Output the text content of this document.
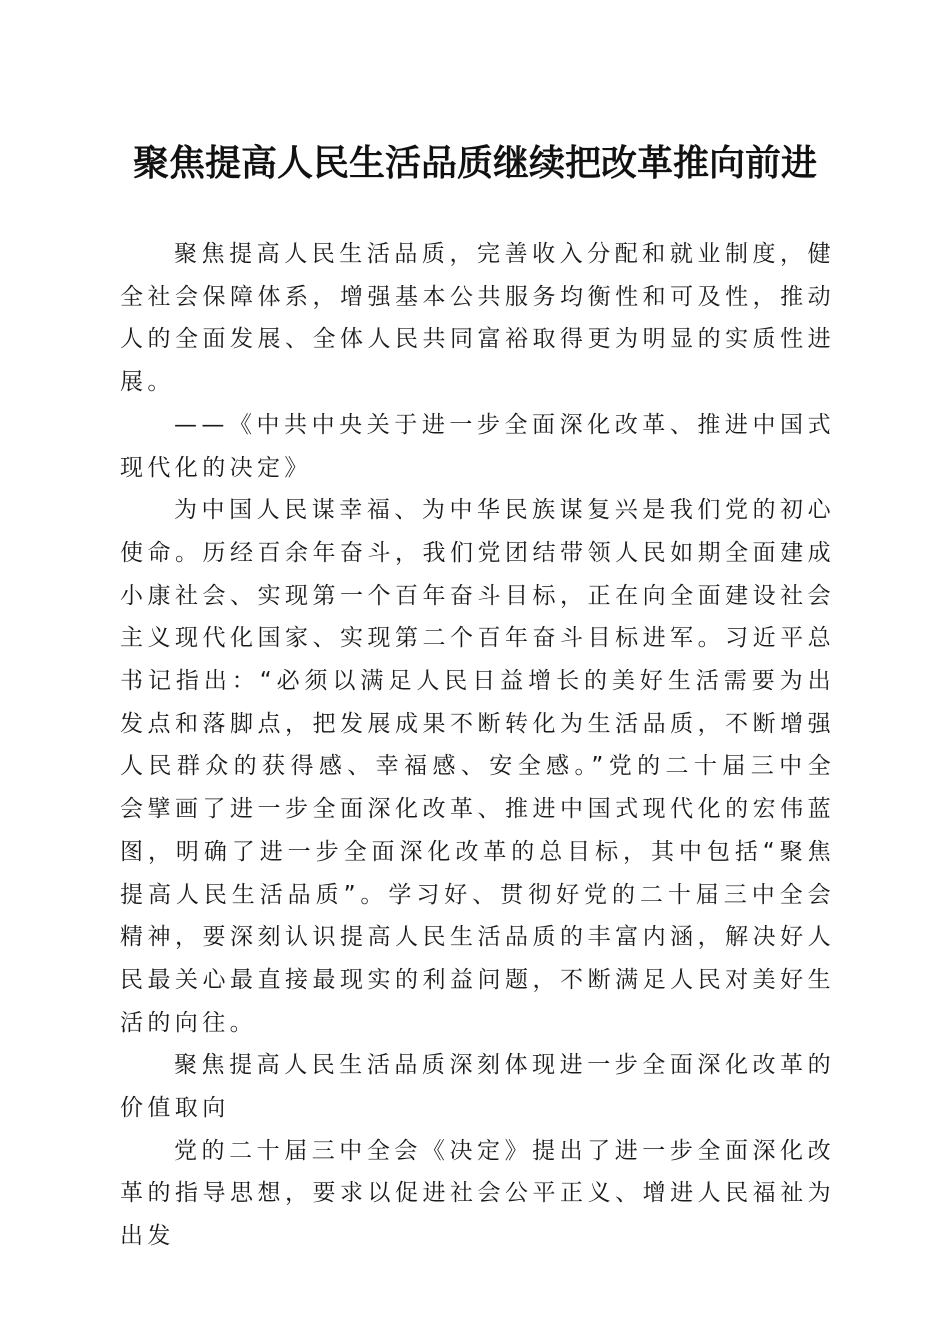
聚焦提高人民生活品质继续把改革推向前进

聚焦提高人民生活品质，完善收入分配和就业制度，健全社会保障体系，增强基本公共服务均衡性和可及性，推动人的全面发展、全体人民共同富裕取得更为明显的实质性进展。

——《中共中央关于进一步全面深化改革、推进中国式现代化的决定》

为中国人民谋幸福、为中华民族谋复兴是我们党的初心使命。历经百余年奋斗，我们党团结带领人民如期全面建成小康社会、实现第一个百年奋斗目标，正在向全面建设社会主义现代化国家、实现第二个百年奋斗目标进军。习近平总书记指出：“必须以满足人民日益增长的美好生活需要为出发点和落脚点，把发展成果不断转化为生活品质，不断增强人民群众的获得感、幸福感、安全感。”党的二十届三中全会擘画了进一步全面深化改革、推进中国式现代化的宏伟蓝图，明确了进一步全面深化改革的总目标，其中包括“聚焦提高人民生活品质”。学习好、贯彻好党的二十届三中全会精神，要深刻认识提高人民生活品质的丰富内涵，解决好人民最关心最直接最现实的利益问题，不断满足人民对美好生活的向往。

聚焦提高人民生活品质深刻体现进一步全面深化改革的价值取向

党的二十届三中全会《决定》提出了进一步全面深化改革的指导思想，要求以促进社会公平正义、增进人民福祉为出发
